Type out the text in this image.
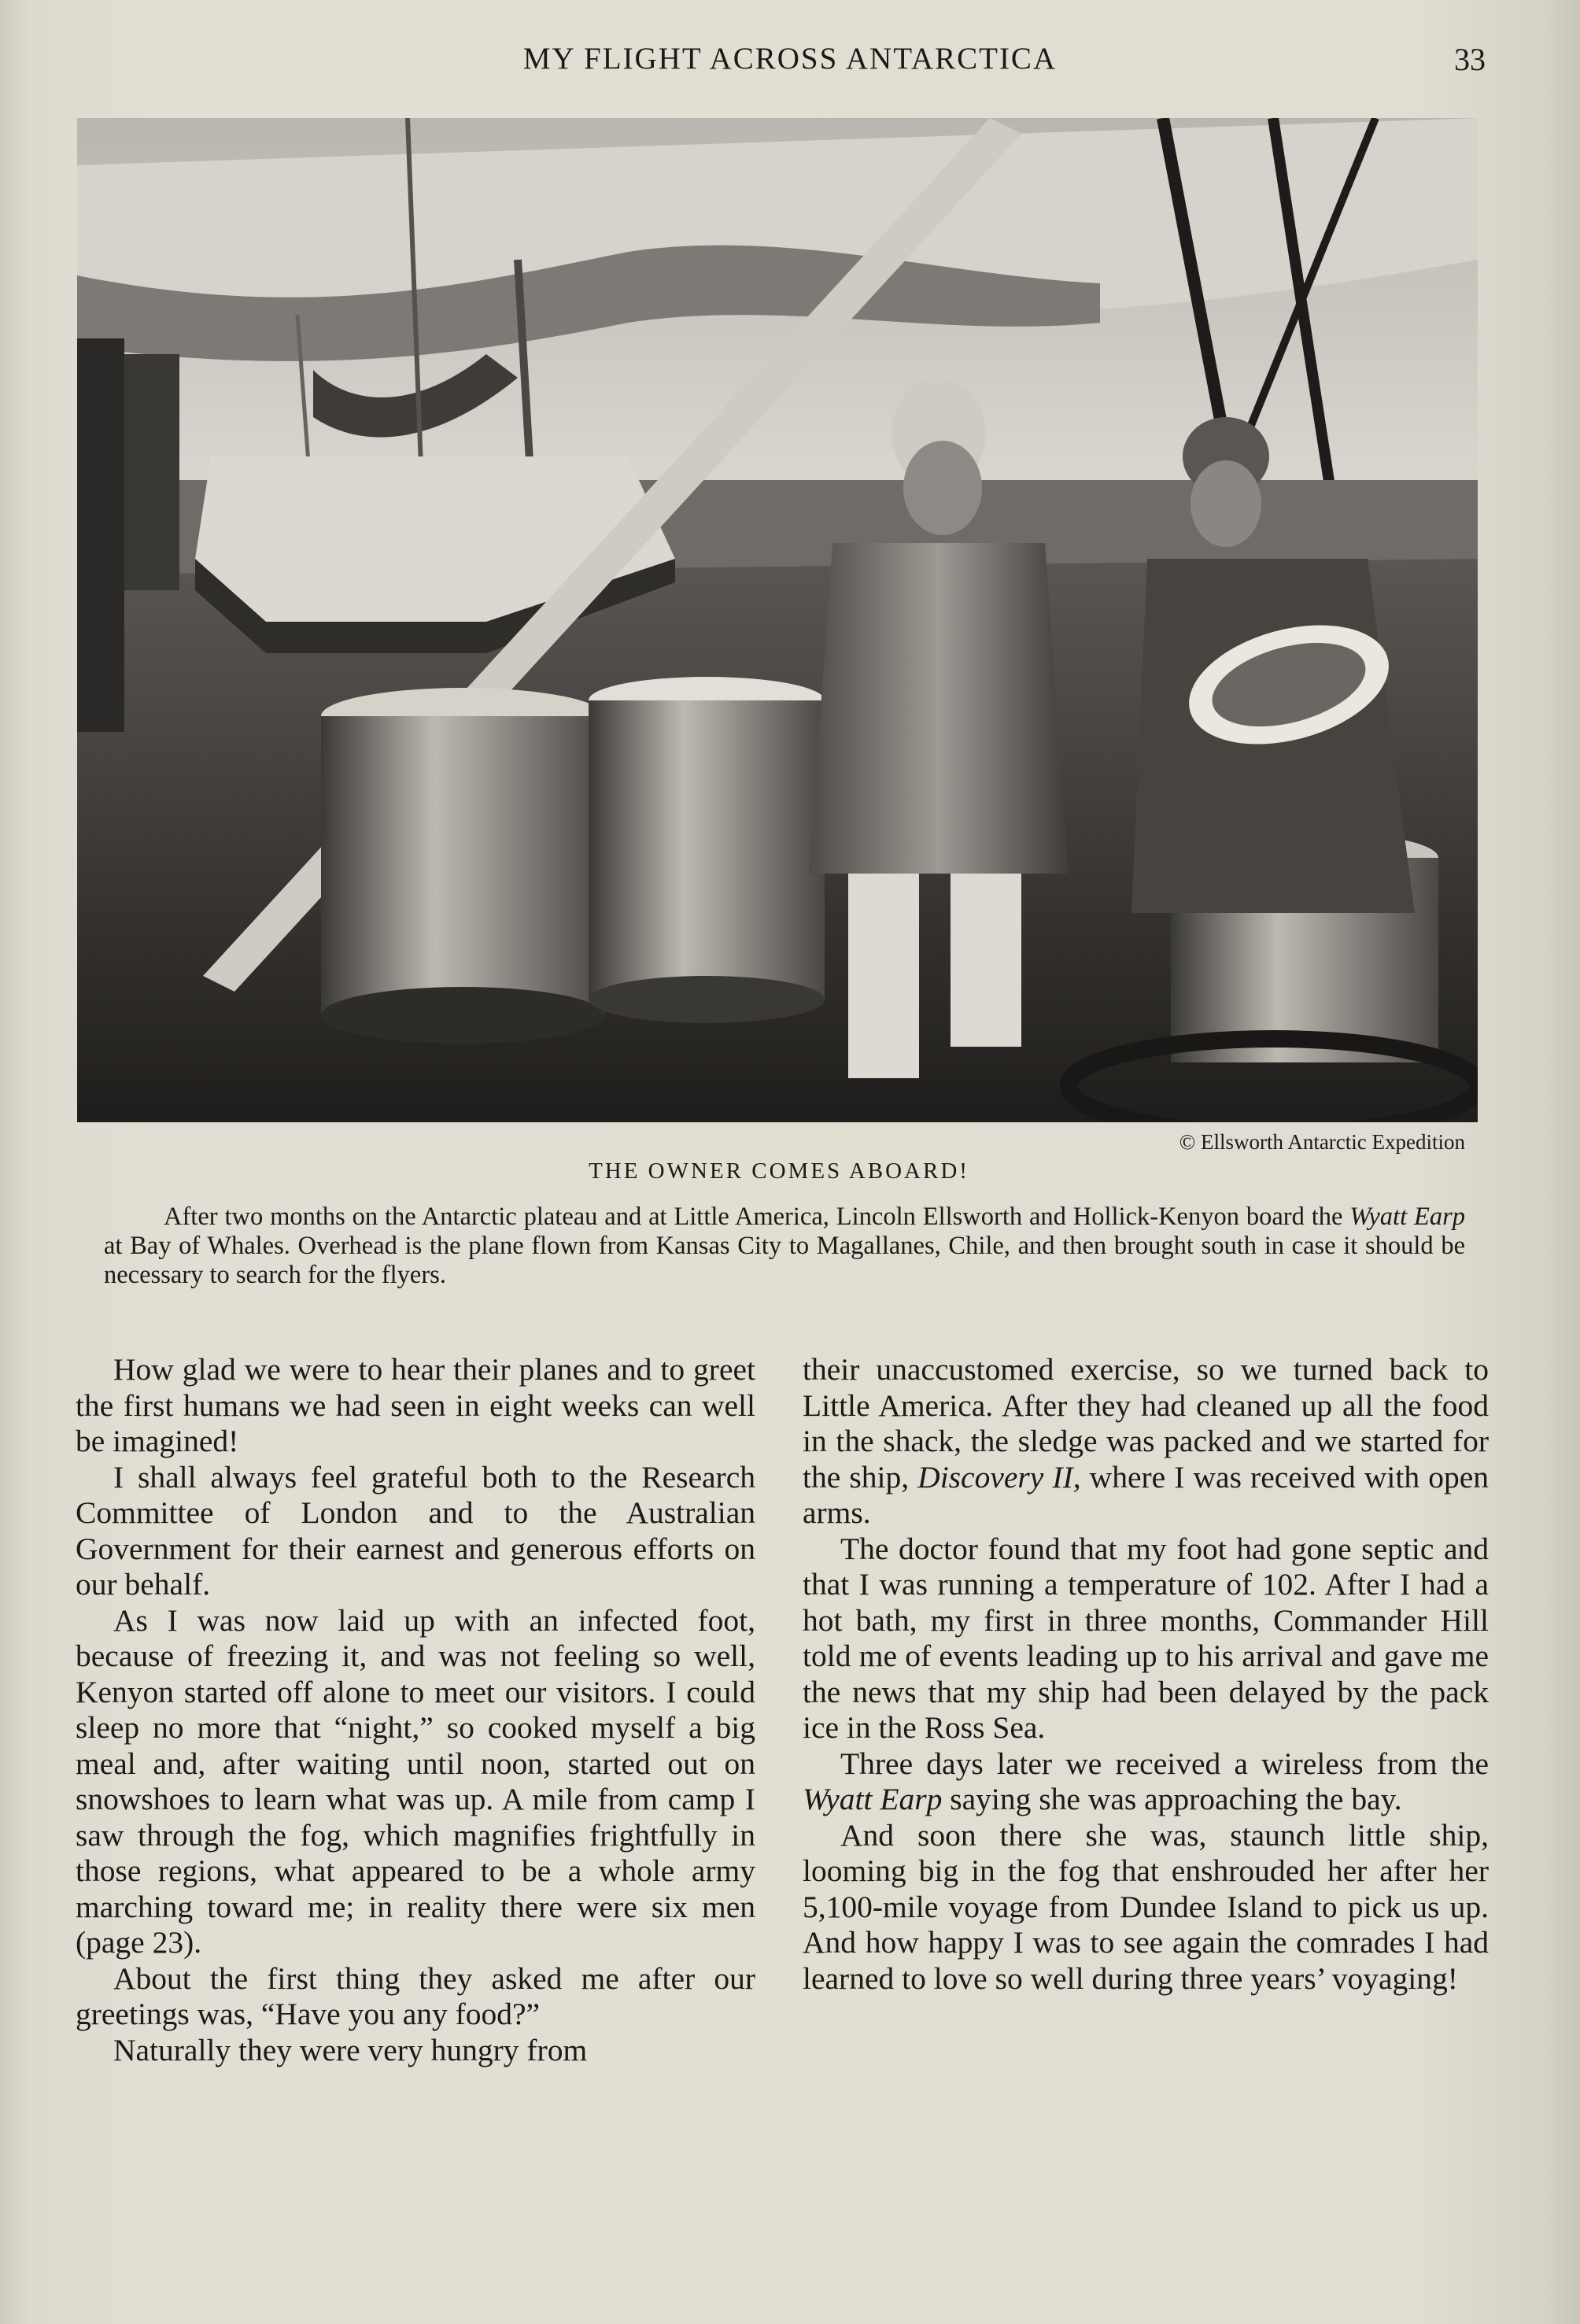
MY FLIGHT ACROSS ANTARCTICA	33
© Ellsworth Antarctic Expedition
THE OWNER COMES ABOARD!

After two months on the Antarctic plateau and at Little America, Lincoln Ellsworth and Hollick-Kenyon board the Wyatt Earp at Bay of Whales. Overhead is the plane flown from Kansas City to Magallanes, Chile, and then brought south in case it should be necessary to search for the flyers.

How glad we were to hear their planes and to greet the first humans we had seen in eight weeks can well be imagined!

I shall always feel grateful both to the Research Committee of London and to the Australian Government for their earnest and generous efforts on our behalf.

As I was now laid up with an infected foot, because of freezing it, and was not feeling so well, Kenyon started off alone to meet our visitors. I could sleep no more that “night,” so cooked myself a big meal and, after waiting until noon, started out on snowshoes to learn what was up. A mile from camp I saw through the fog, which magnifies frightfully in those regions, what appeared to be a whole army marching toward me; in reality there were six men (page 23).

About the first thing they asked me after our greetings was, “Have you any food?”

Naturally they were very hungry from

their unaccustomed exercise, so we turned back to Little America. After they had cleaned up all the food in the shack, the sledge was packed and we started for the ship, Discovery II, where I was received with open arms.

The doctor found that my foot had gone septic and that I was running a temperature of 102. After I had a hot bath, my first in three months, Commander Hill told me of events leading up to his arrival and gave me the news that my ship had been delayed by the pack ice in the Ross Sea.

Three days later we received a wireless from the Wyatt Earp saying she was approaching the bay.

And soon there she was, staunch little ship, looming big in the fog that enshrouded her after her 5,100-mile voyage from Dundee Island to pick us up. And how happy I was to see again the comrades I had learned to love so well during three years’ voyaging!
